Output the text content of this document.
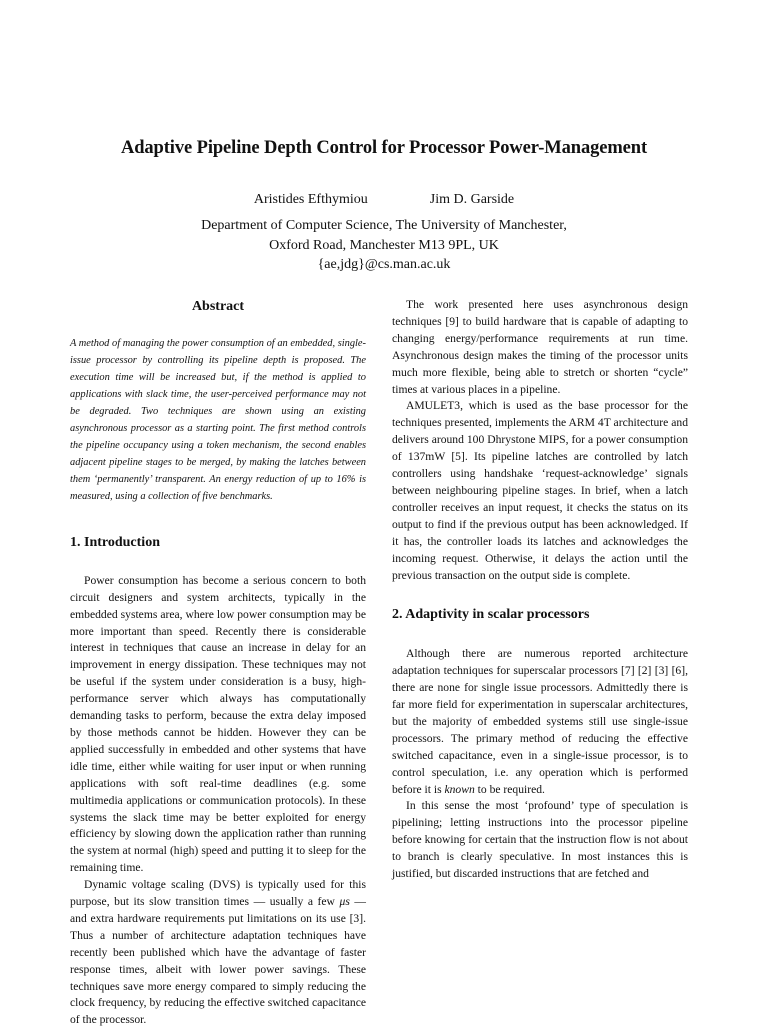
Adaptive Pipeline Depth Control for Processor Power-Management
Aristides Efthymiou	Jim D. Garside
Department of Computer Science, The University of Manchester,
Oxford Road, Manchester M13 9PL, UK
{ae,jdg}@cs.man.ac.uk
Abstract

A method of managing the power consumption of an embedded, single-issue processor by controlling its pipeline depth is proposed. The execution time will be increased but, if the method is applied to applications with slack time, the user-perceived performance may not be degraded. Two techniques are shown using an existing asynchronous processor as a starting point. The first method controls the pipeline occupancy using a token mechanism, the second enables adjacent pipeline stages to be merged, by making the latches between them ‘permanently’ transparent. An energy reduction of up to 16% is measured, using a collection of five benchmarks.

1. Introduction

Power consumption has become a serious concern to both circuit designers and system architects, typically in the embedded systems area, where low power consumption may be more important than speed. Recently there is considerable interest in techniques that cause an increase in delay for an improvement in energy dissipation. These techniques may not be useful if the system under consideration is a busy, high-performance server which always has computationally demanding tasks to perform, because the extra delay imposed by those methods cannot be hidden. However they can be applied successfully in embedded and other systems that have idle time, either while waiting for user input or when running applications with soft real-time deadlines (e.g. some multimedia applications or communication protocols). In these systems the slack time may be better exploited for energy efficiency by slowing down the application rather than running the system at normal (high) speed and putting it to sleep for the remaining time.

Dynamic voltage scaling (DVS) is typically used for this purpose, but its slow transition times — usually a few μs — and extra hardware requirements put limitations on its use [3]. Thus a number of architecture adaptation techniques have recently been published which have the advantage of faster response times, albeit with lower power savings. These techniques save more energy compared to simply reducing the clock frequency, by reducing the effective switched capacitance of the processor.

The work presented here uses asynchronous design techniques [9] to build hardware that is capable of adapting to changing energy/performance requirements at run time. Asynchronous design makes the timing of the processor units much more flexible, being able to stretch or shorten “cycle” times at various places in a pipeline.

AMULET3, which is used as the base processor for the techniques presented, implements the ARM 4T architecture and delivers around 100 Dhrystone MIPS, for a power consumption of 137mW [5]. Its pipeline latches are controlled by latch controllers using handshake ‘request-acknowledge’ signals between neighbouring pipeline stages. In brief, when a latch controller receives an input request, it checks the status on its output to find if the previous output has been acknowledged. If it has, the controller loads its latches and acknowledges the incoming request. Otherwise, it delays the action until the previous transaction on the output side is complete.

2. Adaptivity in scalar processors

Although there are numerous reported architecture adaptation techniques for superscalar processors [7] [2] [3] [6], there are none for single issue processors. Admittedly there is far more field for experimentation in superscalar architectures, but the majority of embedded systems still use single-issue processors. The primary method of reducing the effective switched capacitance, even in a single-issue processor, is to control speculation, i.e. any operation which is performed before it is known to be required.

In this sense the most ‘profound’ type of speculation is pipelining; letting instructions into the processor pipeline before knowing for certain that the instruction flow is not about to branch is clearly speculative. In most instances this is justified, but discarded instructions that are fetched and
